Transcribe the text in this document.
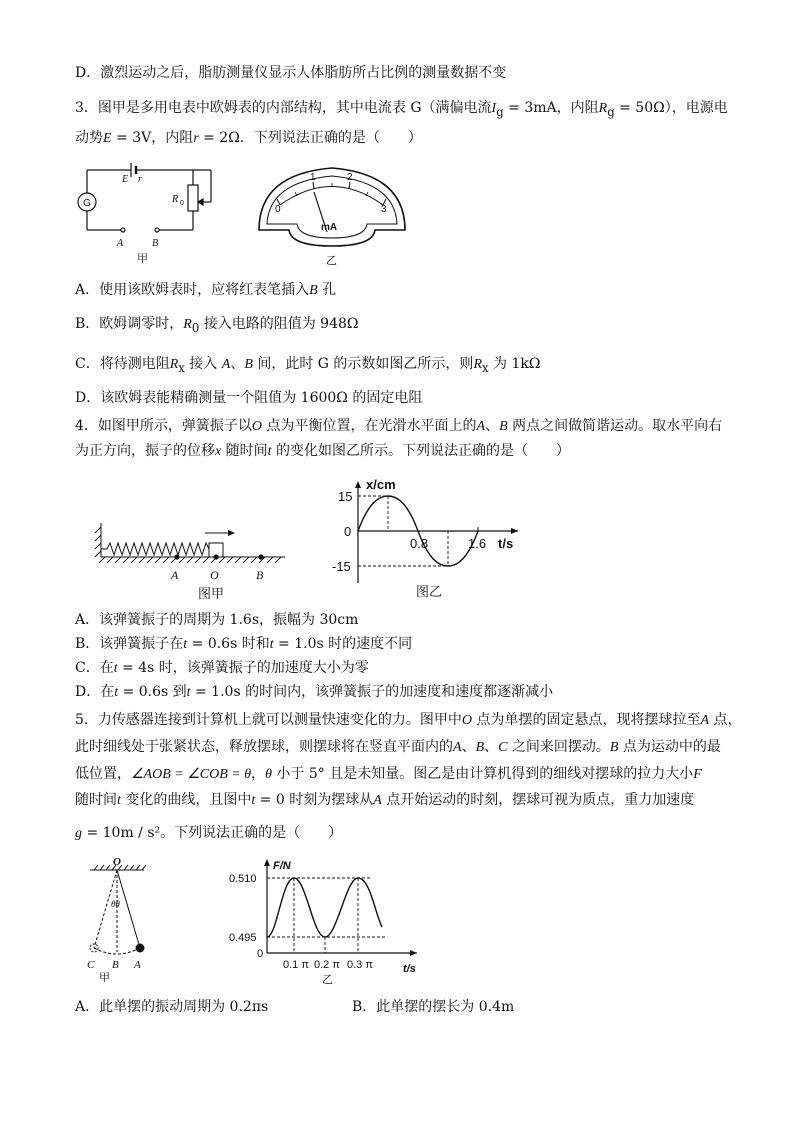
D．激烈运动之后，脂肪测量仪显示人体脂肪所占比例的测量数据不变
3．图甲是多用电表中欧姆表的内部结构，其中电流表 G（满偏电流$I_g = 3mA$，内阻$R_g = 50\Omega$），电源电
动势E = 3V，内阻r = 2Ω．下列说法正确的是（　　）
G
E r
R 0
A	B
甲
0
1	2
3
mA
乙
A．使用该欧姆表时，应将红表笔插入B 孔
B．欧姆调零时，$R_0$ 接入电路的阻值为 948Ω
C．将待测电阻$R_x$ 接入 A、B 间，此时 G 的示数如图乙所示，则$R_x$ 为 1kΩ
D．该欧姆表能精确测量一个阻值为 1600Ω 的固定电阻
4．如图甲所示，弹簧振子以O 点为平衡位置，在光滑水平面上的A、B 两点之间做简谐运动。取水平向右
为正方向，振子的位移x 随时间t 的变化如图乙所示。下列说法正确的是（　　）
A	O	B
图甲
x/cm
t/s
15
0
-15
0.8	1.6
图乙
A．该弹簧振子的周期为 1.6s，振幅为 30cm
B．该弹簧振子在t = 0.6s 时和t = 1.0s 时的速度不同
C．在t = 4s 时，该弹簧振子的加速度大小为零
D．在t = 0.6s 到t = 1.0s 的时间内，该弹簧振子的加速度和速度都逐渐减小
5．力传感器连接到计算机上就可以测量快速变化的力。图甲中O 点为单摆的固定悬点，现将摆球拉至A 点，
此时细线处于张紧状态，释放摆球，则摆球将在竖直平面内的A、B、C 之间来回摆动。B 点为运动中的最
低位置，∠AOB = ∠COB = θ，θ 小于 5° 且是未知量。图乙是由计算机得到的细线对摆球的拉力大小F
随时间t 变化的曲线，且图中t = 0 时刻为摆球从A 点开始运动的时刻，摆球可视为质点，重力加速度
g = 10m / s²。下列说法正确的是（　　）
O
θθ
C B A
甲
F/N
t/s
0.510
0.495
0
0.1 π 0.2 π 0.3 π
乙
A．此单摆的振动周期为 0.2πs	B．此单摆的摆长为 0.4m
